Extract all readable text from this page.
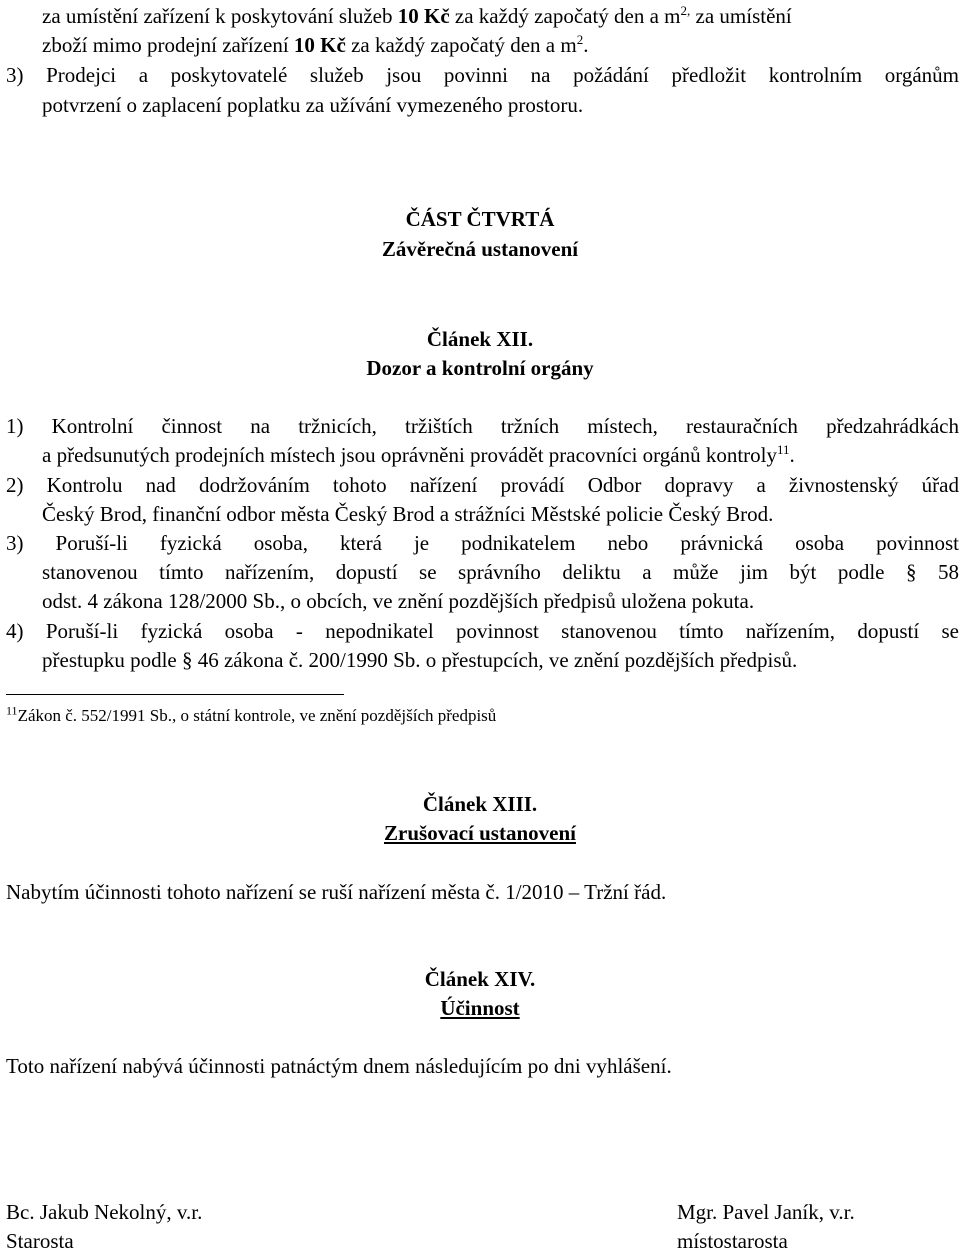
za umístění zařízení k poskytování služeb 10 Kč za každý započatý den a $m^{2,}$ za umístění
zboží mimo prodejní zařízení 10 Kč za každý započatý den a $m^2$.
3) Prodejci a poskytovatelé služeb jsou povinni na požádání předložit kontrolním orgánům
potvrzení o zaplacení poplatku za užívání vymezeného prostoru.
ČÁST ČTVRTÁ
Závěrečná ustanovení
Článek XII.
Dozor a kontrolní orgány
1) Kontrolní činnost na tržnicích, tržištích tržních místech, restauračních předzahrádkách
a předsunutých prodejních místech jsou oprávněni provádět pracovníci orgánů kontroly$^{11}$.
2) Kontrolu nad dodržováním tohoto nařízení provádí Odbor dopravy a živnostenský úřad
Český Brod, finanční odbor města Český Brod a strážníci Městské policie Český Brod.
3) Poruší-li fyzická osoba, která je podnikatelem nebo právnická osoba povinnost
stanovenou tímto nařízením, dopustí se správního deliktu a může jim být podle § 58
odst. 4 zákona 128/2000 Sb., o obcích, ve znění pozdějších předpisů uložena pokuta.
4) Poruší-li fyzická osoba - nepodnikatel povinnost stanovenou tímto nařízením, dopustí se
přestupku podle § 46 zákona č. 200/1990 Sb. o přestupcích, ve znění pozdějších předpisů.
$^{11}$Zákon č. 552/1991 Sb., o státní kontrole, ve znění pozdějších předpisů
Článek XIII.
Zrušovací ustanovení
Nabytím účinnosti tohoto nařízení se ruší nařízení města č. 1/2010 – Tržní řád.
Článek XIV.
Účinnost
Toto nařízení nabývá účinnosti patnáctým dnem následujícím po dni vyhlášení.
Bc. Jakub Nekolný, v.r.
Starosta
Mgr. Pavel Janík, v.r.
místostarosta
